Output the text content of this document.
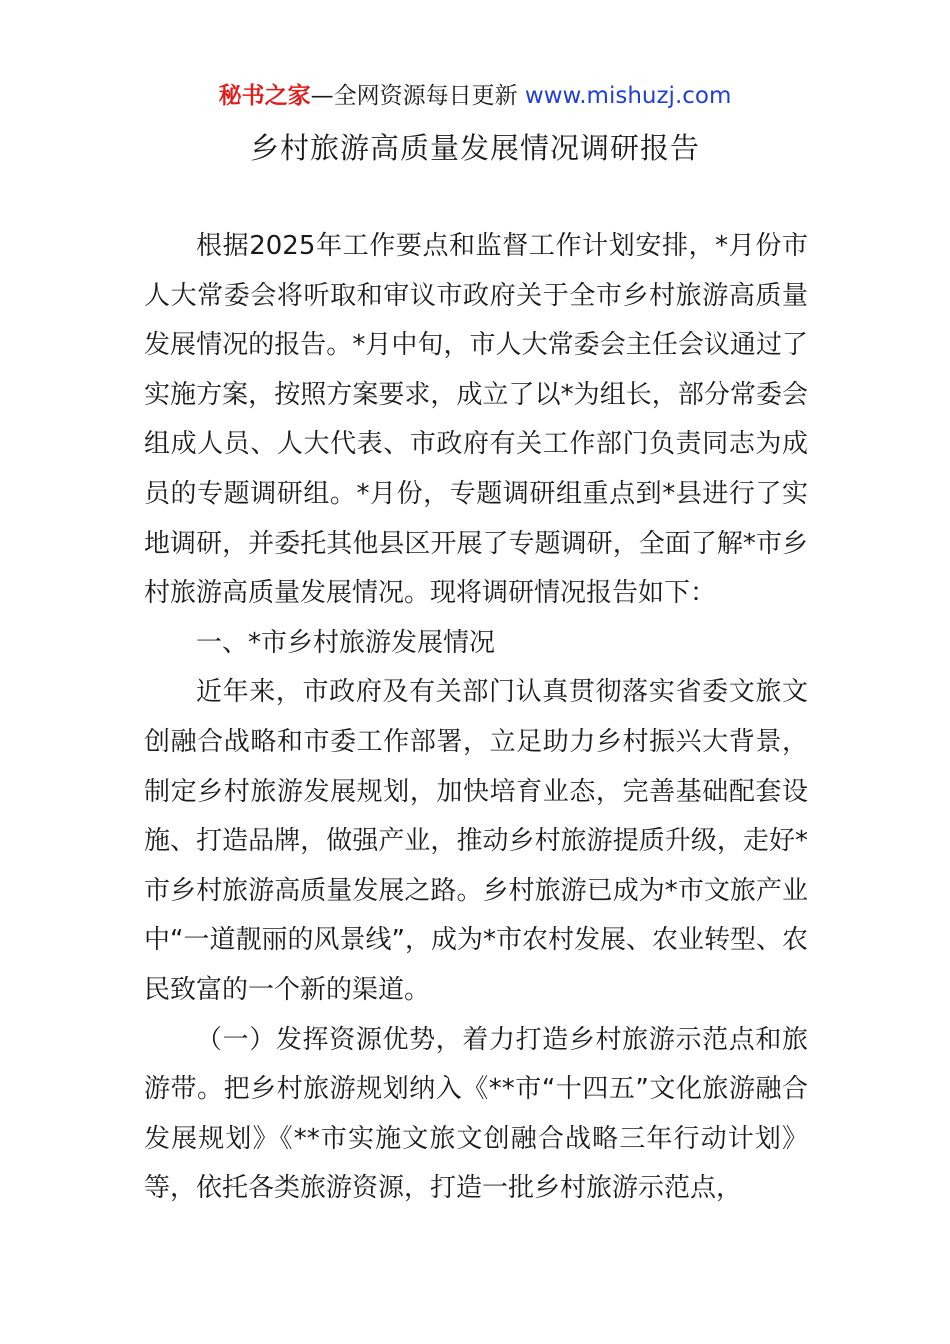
秘书之家—全网资源每日更新 www.mishuzj.com
乡村旅游高质量发展情况调研报告

根据2025年工作要点和监督工作计划安排，*月份市人大常委会将听取和审议市政府关于全市乡村旅游高质量发展情况的报告。*月中旬，市人大常委会主任会议通过了实施方案，按照方案要求，成立了以*为组长，部分常委会组成人员、人大代表、市政府有关工作部门负责同志为成员的专题调研组。*月份，专题调研组重点到*县进行了实地调研，并委托其他县区开展了专题调研，全面了解*市乡村旅游高质量发展情况。现将调研情况报告如下：

一、*市乡村旅游发展情况

近年来，市政府及有关部门认真贯彻落实省委文旅文创融合战略和市委工作部署，立足助力乡村振兴大背景，制定乡村旅游发展规划，加快培育业态，完善基础配套设施、打造品牌，做强产业，推动乡村旅游提质升级，走好*市乡村旅游高质量发展之路。乡村旅游已成为*市文旅产业中“一道靓丽的风景线”，成为*市农村发展、农业转型、农民致富的一个新的渠道。

（一）发挥资源优势，着力打造乡村旅游示范点和旅游带。把乡村旅游规划纳入《**市“十四五”文化旅游融合发展规划》《**市实施文旅文创融合战略三年行动计划》等，依托各类旅游资源，打造一批乡村旅游示范点，
